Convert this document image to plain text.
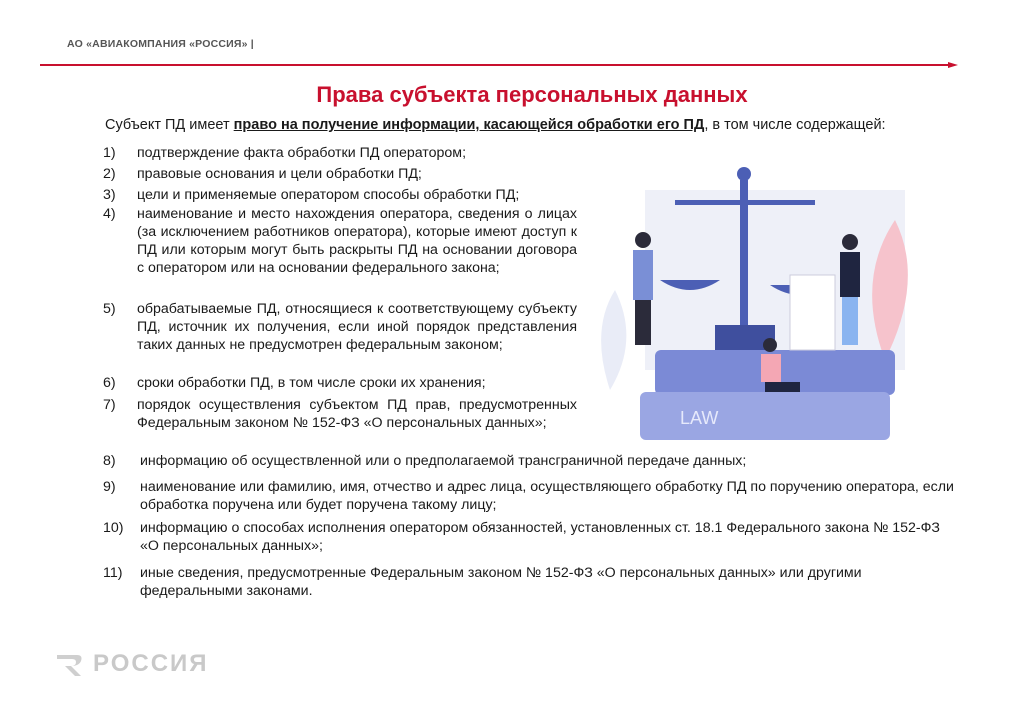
АО «АВИАКОМПАНИЯ «РОССИЯ» |
Права субъекта персональных данных
Субъект ПД имеет право на получение информации, касающейся обработки его ПД, в том числе содержащей:
1) подтверждение факта обработки ПД оператором;
2) правовые основания и цели обработки ПД;
3) цели и применяемые оператором способы обработки ПД;
4) наименование и место нахождения оператора, сведения о лицах (за исключением работников оператора), которые имеют доступ к ПД или которым могут быть раскрыты ПД на основании договора с оператором или на основании федерального закона;
5) обрабатываемые ПД, относящиеся к соответствующему субъекту ПД, источник их получения, если иной порядок представления таких данных не предусмотрен федеральным законом;
6) сроки обработки ПД, в том числе сроки их хранения;
7) порядок осуществления субъектом ПД прав, предусмотренных Федеральным законом № 152-ФЗ «О персональных данных»;
8) информацию об осуществленной или о предполагаемой трансграничной передаче данных;
9) наименование или фамилию, имя, отчество и адрес лица, осуществляющего обработку ПД по поручению оператора, если обработка поручена или будет поручена такому лицу;
10) информацию о способах исполнения оператором обязанностей, установленных ст. 18.1 Федерального закона № 152-ФЗ «О персональных данных»;
11) иные сведения, предусмотренные Федеральным законом № 152-ФЗ «О персональных данных» или другими федеральными законами.
LAW
РОССИЯ
